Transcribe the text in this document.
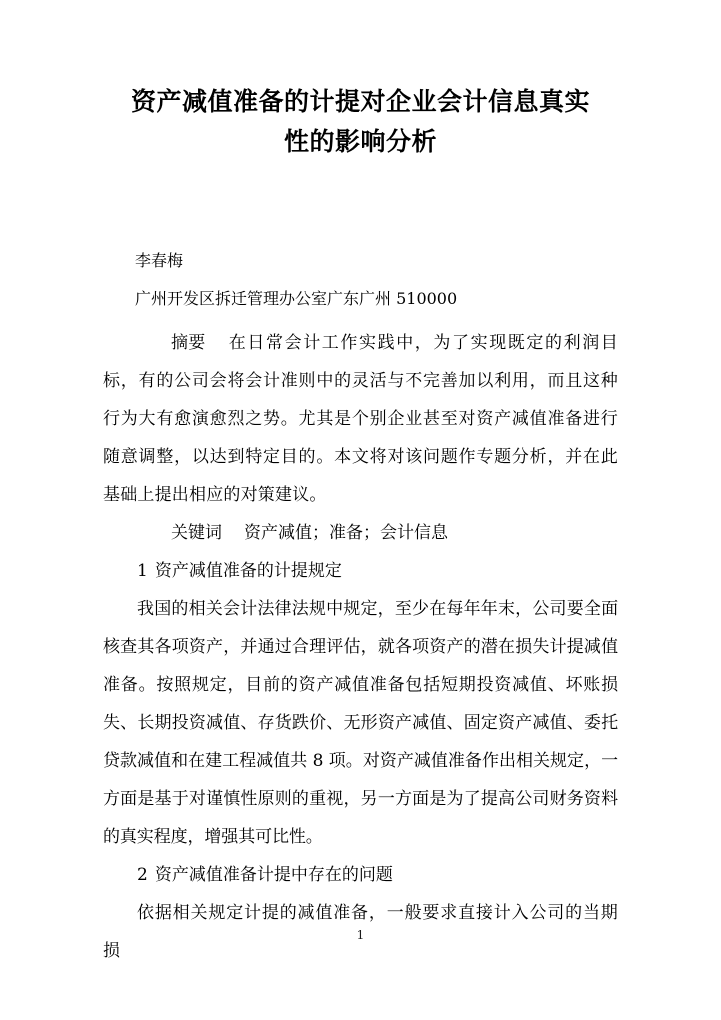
资产减值准备的计提对企业会计信息真实
性的影响分析
李春梅
广州开发区拆迁管理办公室广东广州 510000

摘要 在日常会计工作实践中，为了实现既定的利润目标，有的公司会将会计准则中的灵活与不完善加以利用，而且这种行为大有愈演愈烈之势。尤其是个别企业甚至对资产减值准备进行随意调整，以达到特定目的。本文将对该问题作专题分析，并在此基础上提出相应的对策建议。

关键词 资产减值；准备；会计信息

1 资产减值准备的计提规定

我国的相关会计法律法规中规定，至少在每年年末，公司要全面核查其各项资产，并通过合理评估，就各项资产的潜在损失计提减值准备。按照规定，目前的资产减值准备包括短期投资减值、坏账损失、长期投资减值、存货跌价、无形资产减值、固定资产减值、委托贷款减值和在建工程减值共 8 项。对资产减值准备作出相关规定，一方面是基于对谨慎性原则的重视，另一方面是为了提高公司财务资料的真实程度，增强其可比性。

2 资产减值准备计提中存在的问题

依据相关规定计提的减值准备，一般要求直接计入公司的当期损

1
